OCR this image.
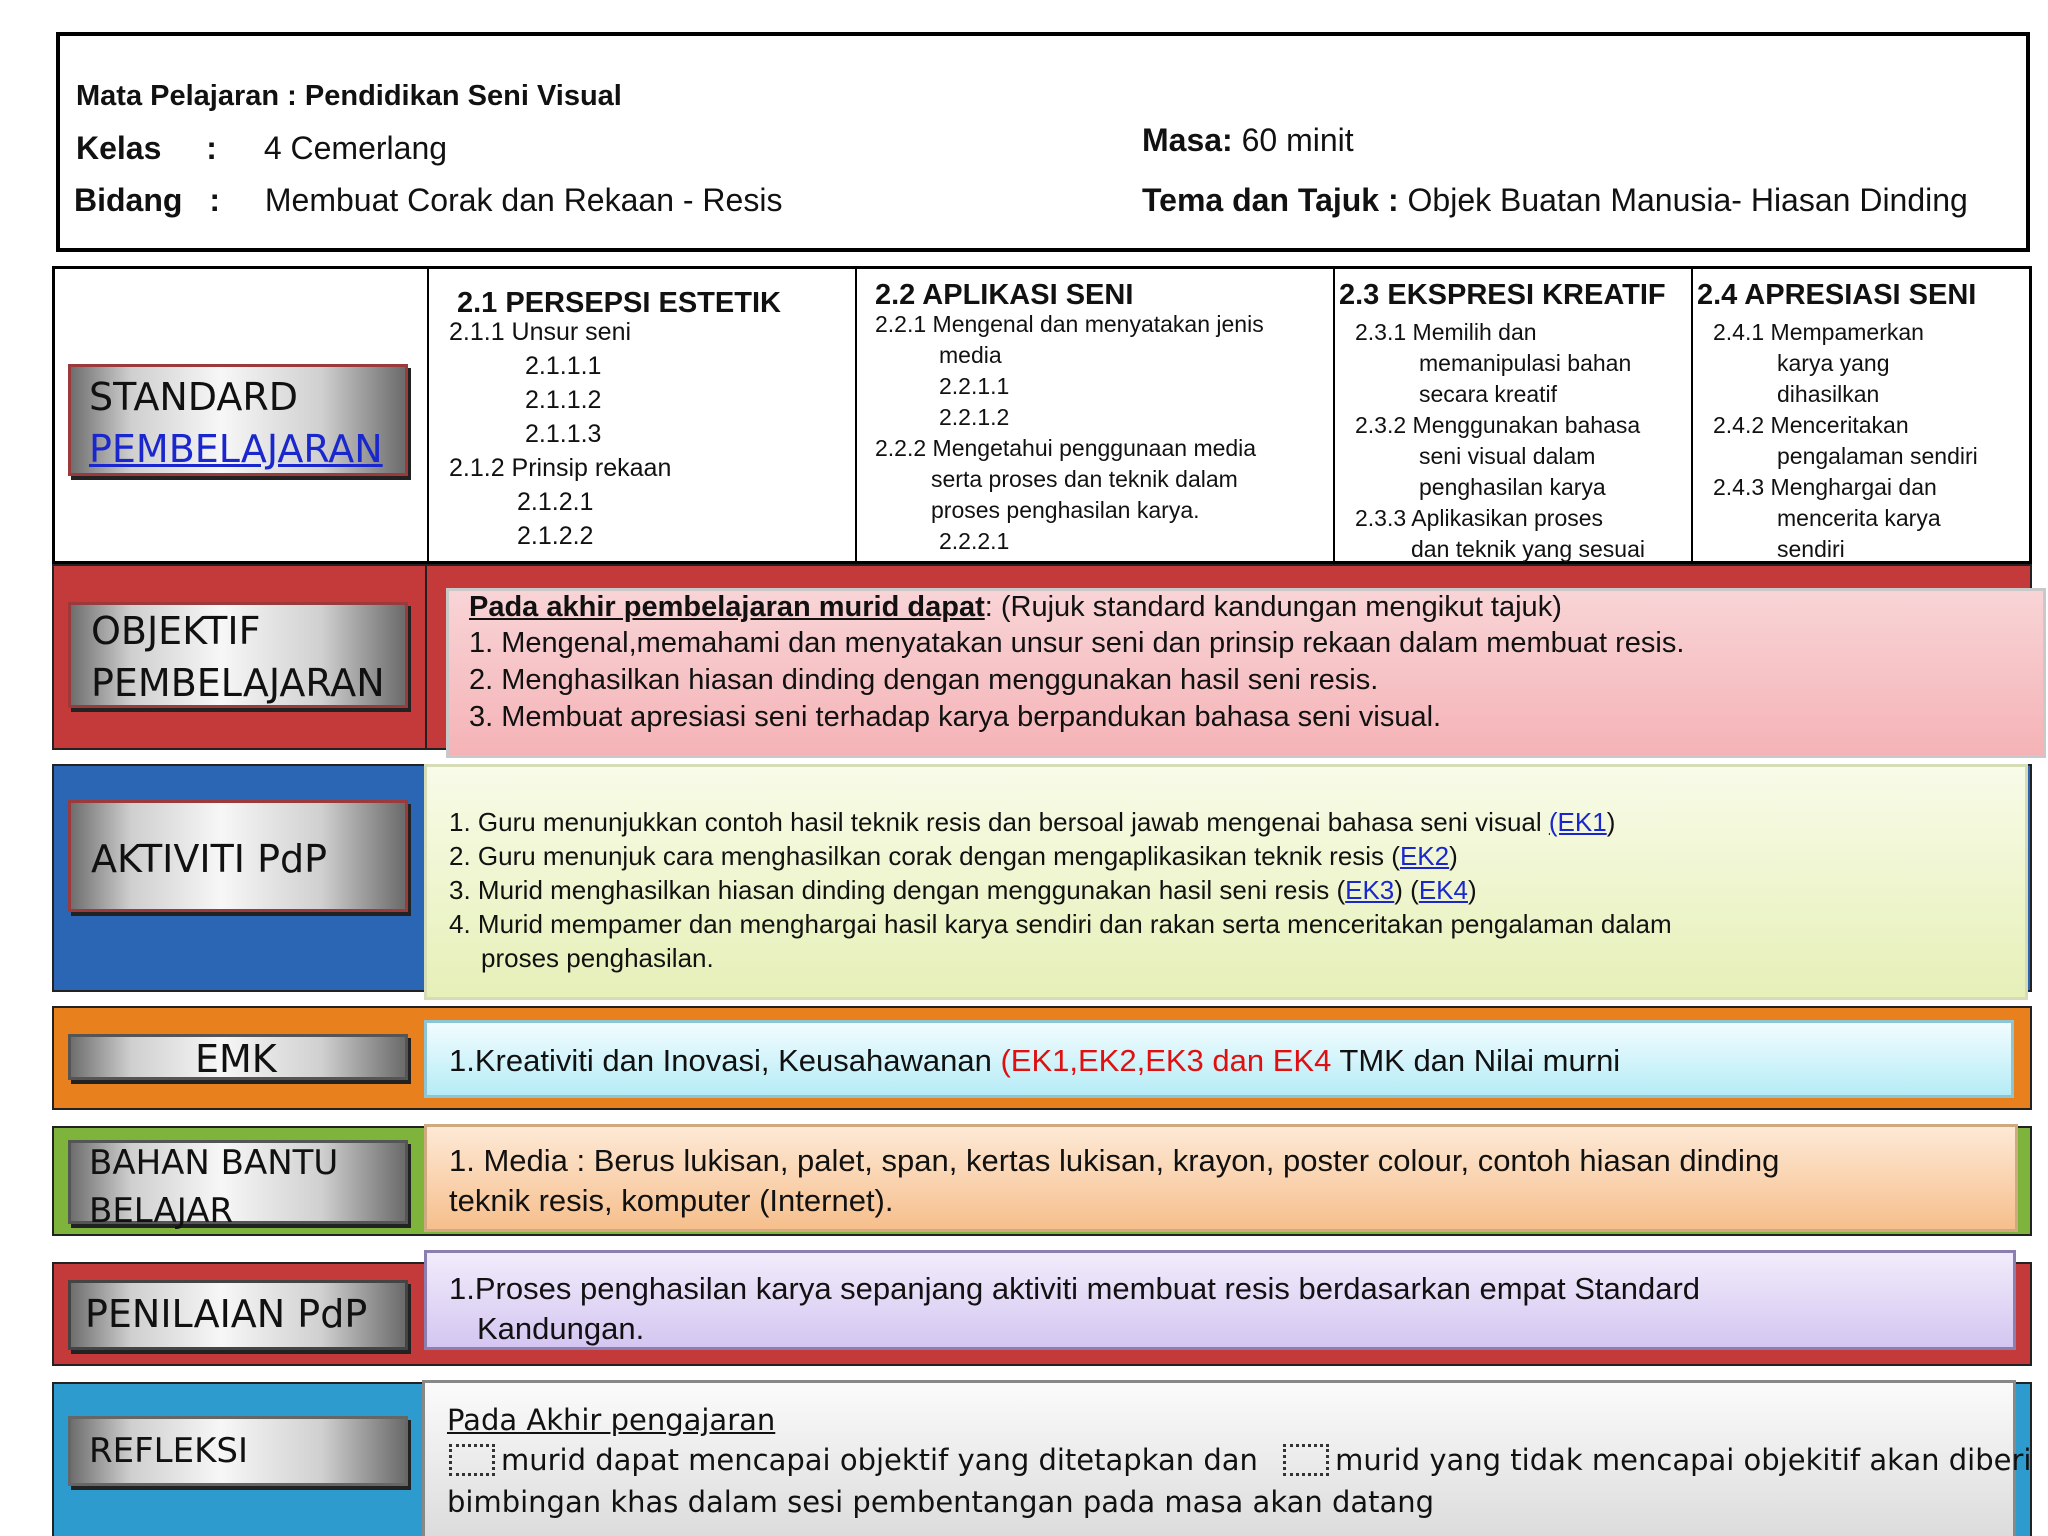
Mata Pelajaran : Pendidikan Seni Visual
Kelas : 4 Cemerlang
Bidang : Membuat Corak dan Rekaan - Resis
Masa: 60 minit
Tema dan Tajuk : Objek Buatan Manusia- Hiasan Dinding
2.1 PERSEPSI ESTETIK
2.1.1 Unsur seni
2.1.1.1
2.1.1.2
2.1.1.3
2.1.2 Prinsip rekaan
2.1.2.1
2.1.2.2
2.2 APLIKASI SENI
2.2.1 Mengenal dan menyatakan jenis
media
2.2.1.1
2.2.1.2
2.2.2 Mengetahui penggunaan media
serta proses dan teknik dalam
proses penghasilan karya.
2.2.2.1
2.3 EKSPRESI KREATIF
2.3.1 Memilih dan
memanipulasi bahan
secara kreatif
2.3.2 Menggunakan bahasa
seni visual dalam
penghasilan karya
2.3.3 Aplikasikan proses
dan teknik yang sesuai
2.4 APRESIASI SENI
2.4.1 Mempamerkan
karya yang
dihasilkan
2.4.2 Menceritakan
pengalaman sendiri
2.4.3 Menghargai dan
mencerita karya
sendiri
STANDARD
PEMBELAJARAN
OBJEKTIF
PEMBELAJARAN
Pada akhir pembelajaran murid dapat: (Rujuk standard kandungan mengikut tajuk)
1. Mengenal,memahami dan menyatakan unsur seni dan prinsip rekaan dalam membuat resis.
2. Menghasilkan hiasan dinding dengan menggunakan hasil seni resis.
3. Membuat apresiasi seni terhadap karya berpandukan bahasa seni visual.
AKTIVITI PdP
1. Guru menunjukkan contoh hasil teknik resis dan bersoal jawab mengenai bahasa seni visual (EK1)
2. Guru menunjuk cara menghasilkan corak dengan mengaplikasikan teknik resis (EK2)
3. Murid menghasilkan hiasan dinding dengan menggunakan hasil seni resis (EK3) (EK4)
4. Murid mempamer dan menghargai hasil karya sendiri dan rakan serta menceritakan pengalaman dalam
proses penghasilan.
EMK	1.Kreativiti dan Inovasi, Keusahawanan (EK1,EK2,EK3 dan EK4 TMK dan Nilai murni
BAHAN BANTU
BELAJAR
1. Media : Berus lukisan, palet, span, kertas lukisan, krayon, poster colour, contoh hiasan dinding
teknik resis, komputer (Internet).
PENILAIAN PdP
1.Proses penghasilan karya sepanjang aktiviti membuat resis berdasarkan empat Standard
Kandungan.
REFLEKSI
Pada Akhir pengajaran
murid dapat mencapai objektif yang ditetapkan dan	murid yang tidak mencapai objekitif akan diberi
bimbingan khas dalam sesi pembentangan pada masa akan datang
